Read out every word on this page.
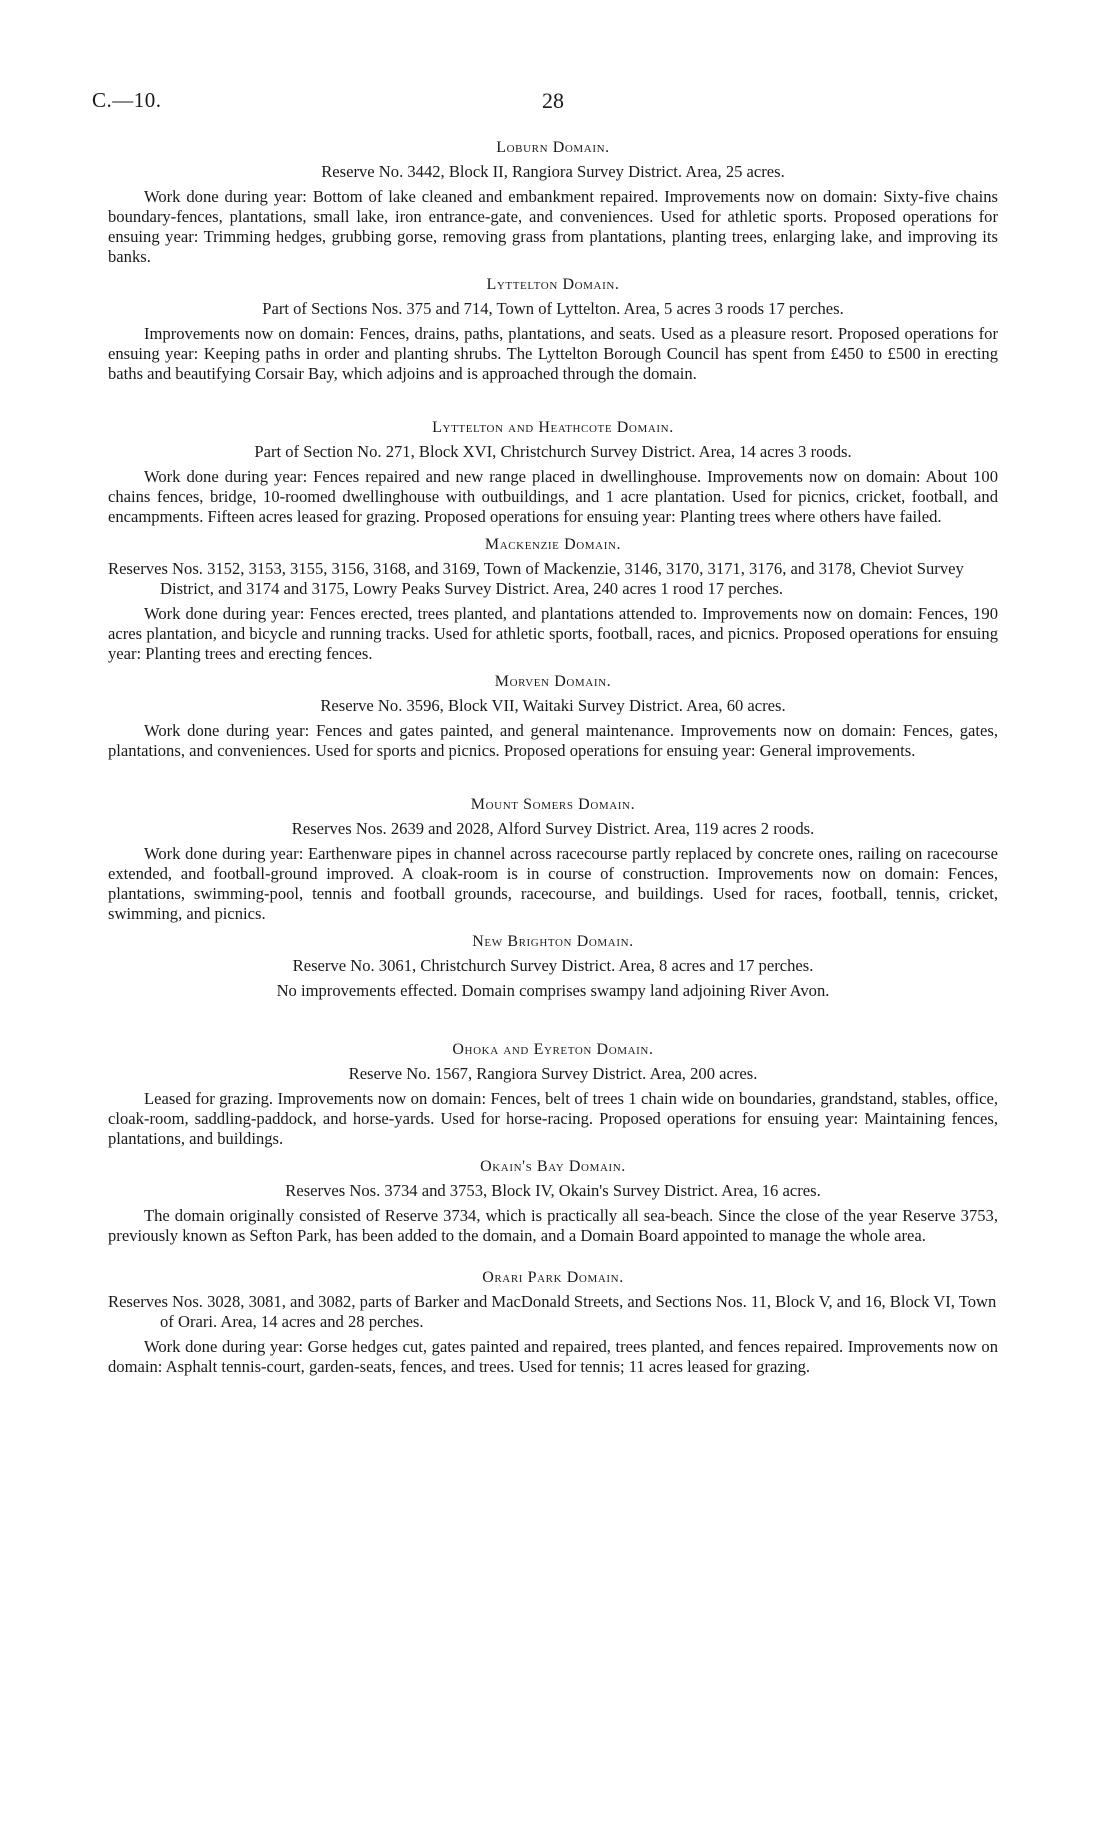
C.—10.	28

Loburn Domain.

Reserve No. 3442, Block II, Rangiora Survey District. Area, 25 acres.

Work done during year: Bottom of lake cleaned and embankment repaired. Improvements now on domain: Sixty-five chains boundary-fences, plantations, small lake, iron entrance-gate, and conveniences. Used for athletic sports. Proposed operations for ensuing year: Trimming hedges, grubbing gorse, removing grass from plantations, planting trees, enlarging lake, and improving its banks.

Lyttelton Domain.

Part of Sections Nos. 375 and 714, Town of Lyttelton. Area, 5 acres 3 roods 17 perches.

Improvements now on domain: Fences, drains, paths, plantations, and seats. Used as a pleasure resort. Proposed operations for ensuing year: Keeping paths in order and planting shrubs. The Lyttelton Borough Council has spent from £450 to £500 in erecting baths and beautifying Corsair Bay, which adjoins and is approached through the domain.

Lyttelton and Heathcote Domain.

Part of Section No. 271, Block XVI, Christchurch Survey District. Area, 14 acres 3 roods.

Work done during year: Fences repaired and new range placed in dwellinghouse. Improvements now on domain: About 100 chains fences, bridge, 10-roomed dwellinghouse with outbuildings, and 1 acre plantation. Used for picnics, cricket, football, and encampments. Fifteen acres leased for grazing. Proposed operations for ensuing year: Planting trees where others have failed.

Mackenzie Domain.

Reserves Nos. 3152, 3153, 3155, 3156, 3168, and 3169, Town of Mackenzie, 3146, 3170, 3171, 3176, and 3178, Cheviot Survey District, and 3174 and 3175, Lowry Peaks Survey District. Area, 240 acres 1 rood 17 perches.

Work done during year: Fences erected, trees planted, and plantations attended to. Improvements now on domain: Fences, 190 acres plantation, and bicycle and running tracks. Used for athletic sports, football, races, and picnics. Proposed operations for ensuing year: Planting trees and erecting fences.

Morven Domain.

Reserve No. 3596, Block VII, Waitaki Survey District. Area, 60 acres.

Work done during year: Fences and gates painted, and general maintenance. Improvements now on domain: Fences, gates, plantations, and conveniences. Used for sports and picnics. Proposed operations for ensuing year: General improvements.

Mount Somers Domain.

Reserves Nos. 2639 and 2028, Alford Survey District. Area, 119 acres 2 roods.

Work done during year: Earthenware pipes in channel across racecourse partly replaced by concrete ones, railing on racecourse extended, and football-ground improved. A cloak-room is in course of construction. Improvements now on domain: Fences, plantations, swimming-pool, tennis and football grounds, racecourse, and buildings. Used for races, football, tennis, cricket, swimming, and picnics.

New Brighton Domain.

Reserve No. 3061, Christchurch Survey District. Area, 8 acres and 17 perches.

No improvements effected. Domain comprises swampy land adjoining River Avon.

Ohoka and Eyreton Domain.

Reserve No. 1567, Rangiora Survey District. Area, 200 acres.

Leased for grazing. Improvements now on domain: Fences, belt of trees 1 chain wide on boundaries, grandstand, stables, office, cloak-room, saddling-paddock, and horse-yards. Used for horse-racing. Proposed operations for ensuing year: Maintaining fences, plantations, and buildings.

Okain's Bay Domain.

Reserves Nos. 3734 and 3753, Block IV, Okain's Survey District. Area, 16 acres.

The domain originally consisted of Reserve 3734, which is practically all sea-beach. Since the close of the year Reserve 3753, previously known as Sefton Park, has been added to the domain, and a Domain Board appointed to manage the whole area.

Orari Park Domain.

Reserves Nos. 3028, 3081, and 3082, parts of Barker and MacDonald Streets, and Sections Nos. 11, Block V, and 16, Block VI, Town of Orari. Area, 14 acres and 28 perches.

Work done during year: Gorse hedges cut, gates painted and repaired, trees planted, and fences repaired. Improvements now on domain: Asphalt tennis-court, garden-seats, fences, and trees. Used for tennis; 11 acres leased for grazing.
